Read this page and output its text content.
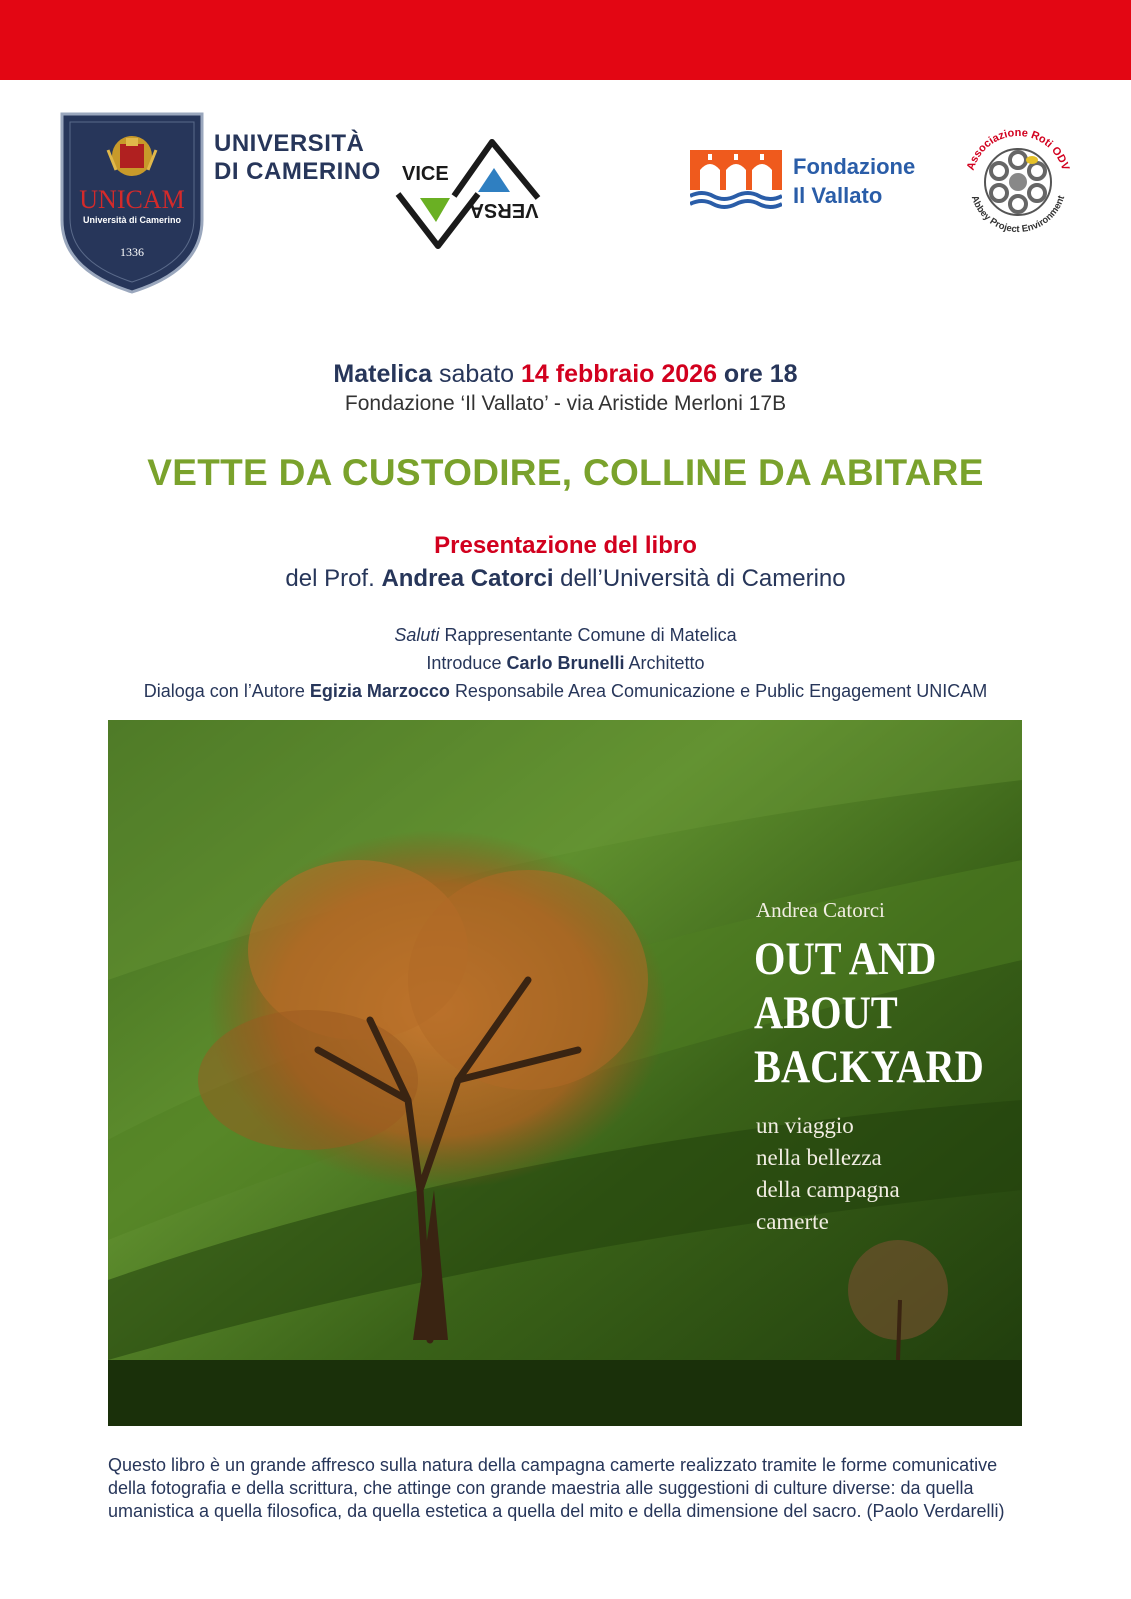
UNICAM
Università di Camerino
1336
UNIVERSITÀ
DI CAMERINO VICE
VERSA
Fondazione
Il Vallato
Associazione Roti ODV
Abbey Project Environment
Matelica sabato 14 febbraio 2026 ore 18
Fondazione ‘Il Vallato’ - via Aristide Merloni 17B
VETTE DA CUSTODIRE, COLLINE DA ABITARE
Presentazione del libro
del Prof. Andrea Catorci dell’Università di Camerino
Saluti Rappresentante Comune di Matelica
Introduce Carlo Brunelli Architetto
Dialoga con l’Autore Egizia Marzocco Responsabile Area Comunicazione e Public Engagement UNICAM
Andrea Catorci
OUT AND
ABOUT
BACKYARD
un viaggio
nella bellezza
della campagna
camerte
Questo libro è un grande affresco sulla natura della campagna camerte realizzato tramite le forme comunicative della fotografia e della scrittura, che attinge con grande maestria alle suggestioni di culture diverse: da quella umanistica a quella filosofica, da quella estetica a quella del mito e della dimensione del sacro. (Paolo Verdarelli)
